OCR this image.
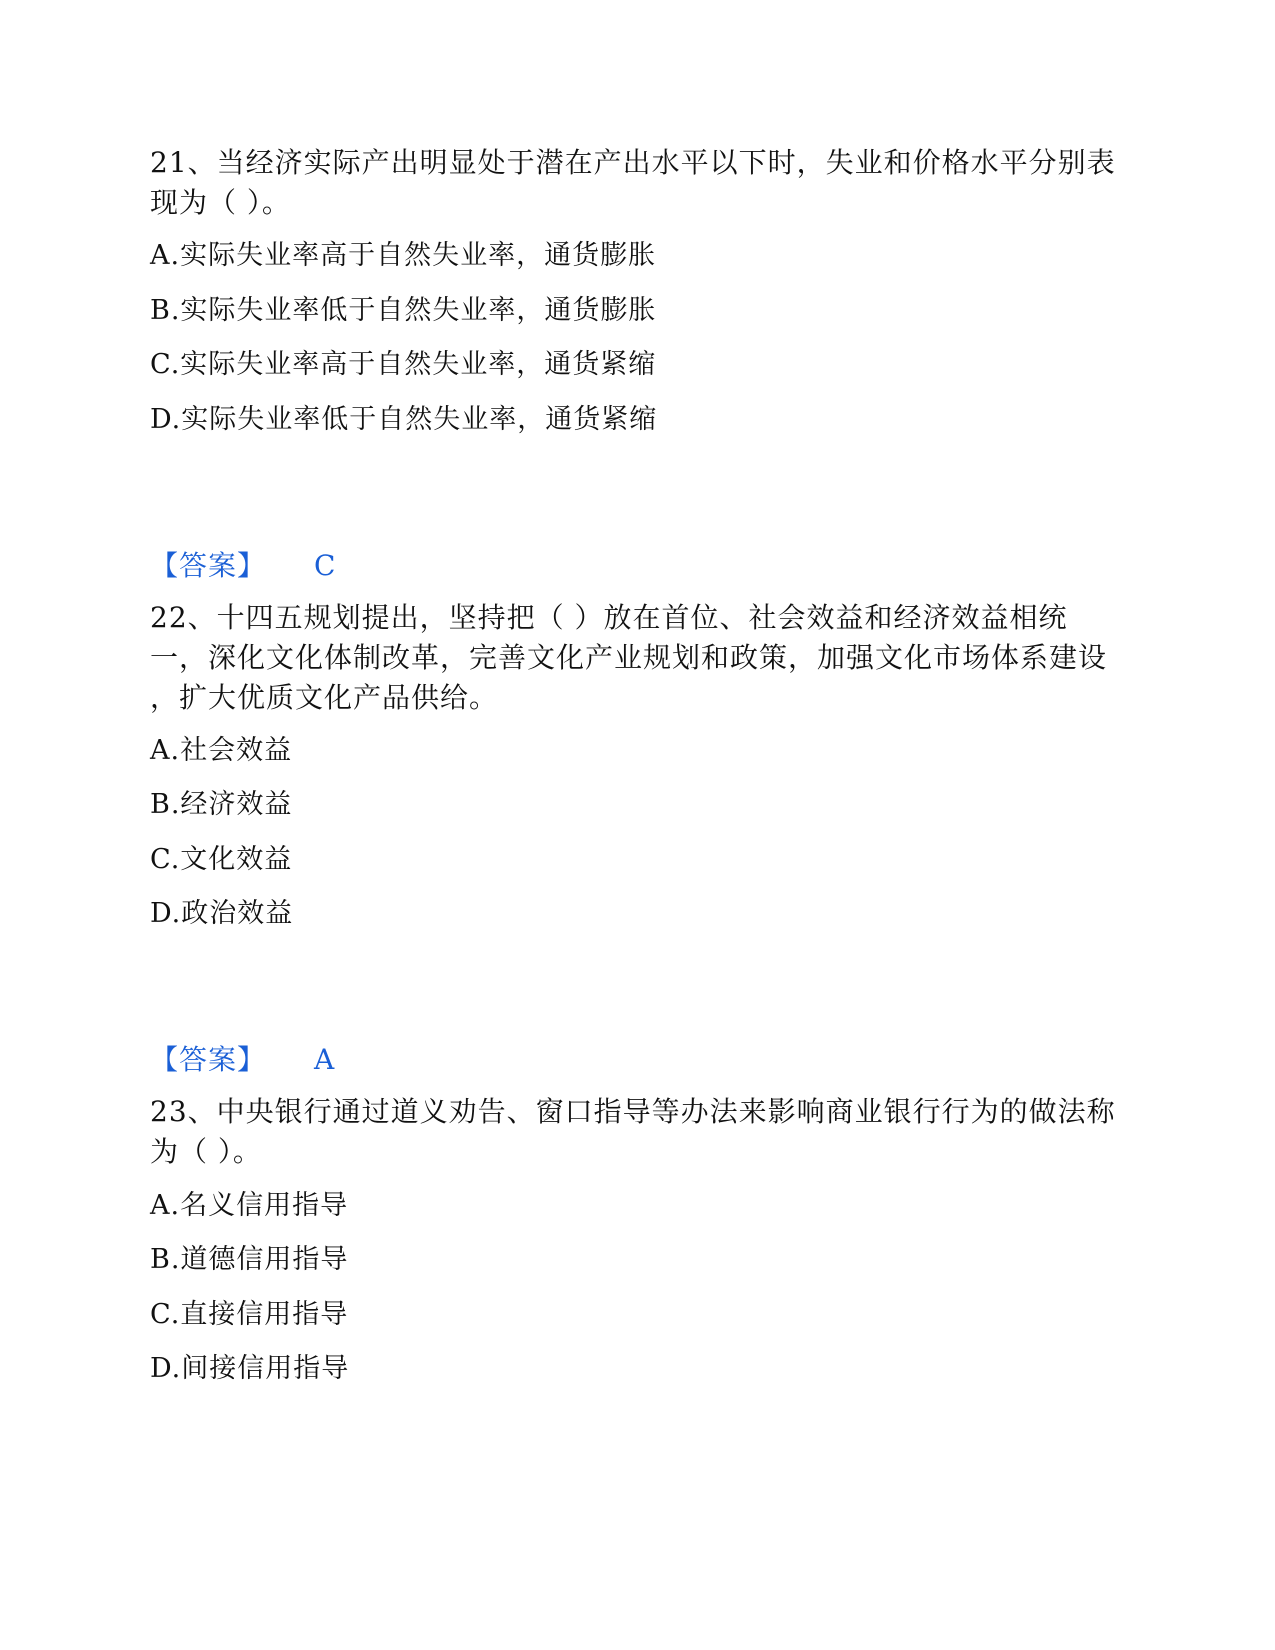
21、当经济实际产出明显处于潜在产出水平以下时，失业和价格水平分别表
现为（ ）。
A.实际失业率高于自然失业率，通货膨胀
B.实际失业率低于自然失业率，通货膨胀
C.实际失业率高于自然失业率，通货紧缩
D.实际失业率低于自然失业率，通货紧缩
【答案】 C
22、十四五规划提出，坚持把（ ）放在首位、社会效益和经济效益相统
一，深化文化体制改革，完善文化产业规划和政策，加强文化市场体系建设
，扩大优质文化产品供给。
A.社会效益
B.经济效益
C.文化效益
D.政治效益
【答案】 A
23、中央银行通过道义劝告、窗口指导等办法来影响商业银行行为的做法称
为（ ）。
A.名义信用指导
B.道德信用指导
C.直接信用指导
D.间接信用指导
